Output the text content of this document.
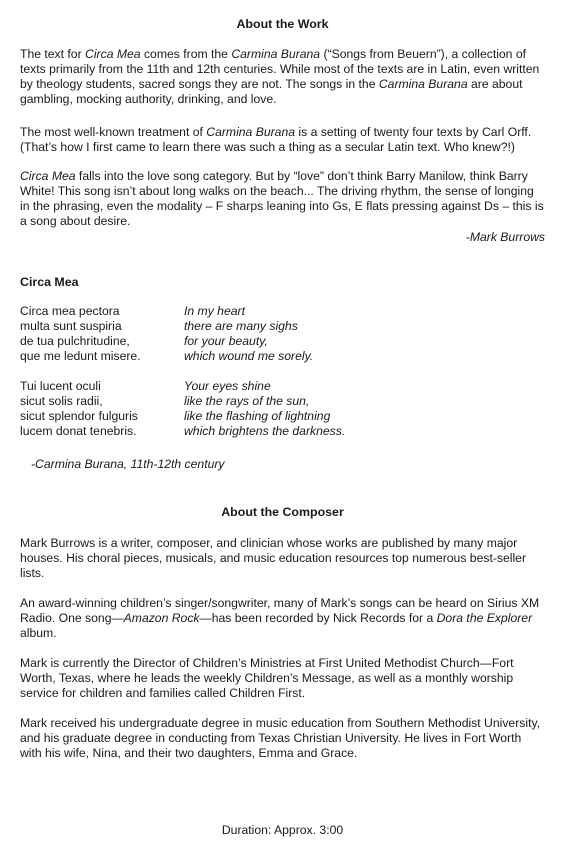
About the Work

The text for Circa Mea comes from the Carmina Burana (“Songs from Beuern”), a collection of texts primarily from the 11th and 12th centuries. While most of the texts are in Latin, even written by theology students, sacred songs they are not. The songs in the Carmina Burana are about gambling, mocking authority, drinking, and love.

The most well-known treatment of Carmina Burana is a setting of twenty four texts by Carl Orff. (That’s how I first came to learn there was such a thing as a secular Latin text. Who knew?!)

Circa Mea falls into the love song category. But by “love” don’t think Barry Manilow, think Barry White! This song isn’t about long walks on the beach... The driving rhythm, the sense of longing in the phrasing, even the modality – F sharps leaning into Gs, E flats pressing against Ds – this is a song about desire.

-Mark Burrows
Circa Mea
Circa mea pectora	In my heart
multa sunt suspiria	there are many sighs
de tua pulchritudine,	for your beauty,
que me ledunt misere.	which wound me sorely.
Tui lucent oculi	Your eyes shine
sicut solis radii,	like the rays of the sun,
sicut splendor fulguris	like the flashing of lightning
lucem donat tenebris.	which brightens the darkness.
-Carmina Burana, 11th-12th century
About the Composer

Mark Burrows is a writer, composer, and clinician whose works are published by many major houses. His choral pieces, musicals, and music education resources top numerous best-seller lists.

An award-winning children’s singer/songwriter, many of Mark’s songs can be heard on Sirius XM Radio. One song—Amazon Rock—has been recorded by Nick Records for a Dora the Explorer album.

Mark is currently the Director of Children’s Ministries at First United Methodist Church—Fort Worth, Texas, where he leads the weekly Children’s Message, as well as a monthly worship service for children and families called Children First.

Mark received his undergraduate degree in music education from Southern Methodist University, and his graduate degree in conducting from Texas Christian University. He lives in Fort Worth with his wife, Nina, and their two daughters, Emma and Grace.

Duration: Approx. 3:00
